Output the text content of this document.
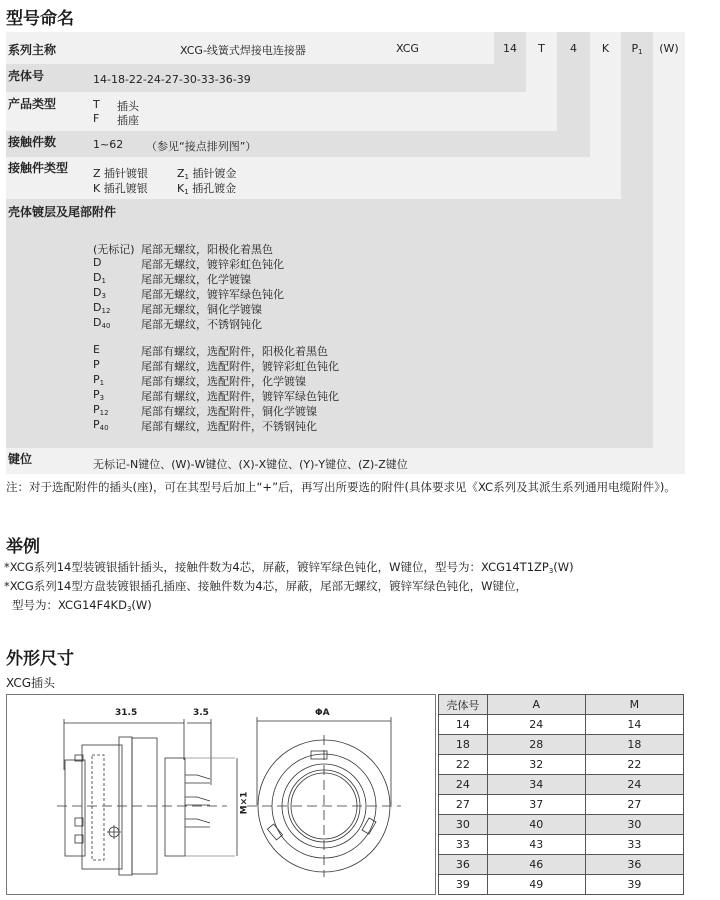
型号命名
系列主称	XCG-线簧式焊接电连接器	XCG	14	T	4	K	$P_1$	(W)
壳体号	14-18-22-24-27-30-33-36-39
产品类型	T 插头
F 插座
接触件数	1~62 （参见“接点排列图”）
接触件类型 Z 插针镀银	$Z_1$ 插针镀金
K 插孔镀银	$K_1$ 插孔镀金
壳体镀层及尾部附件
(无标记) 尾部无螺纹，阳极化着黑色
D	尾部无螺纹，镀锌彩虹色钝化
$D_1$	尾部无螺纹，化学镀镍
$D_3$	尾部无螺纹，镀锌军绿色钝化
$D_{12}$	尾部无螺纹，铜化学镀镍
$D_{40}$	尾部无螺纹，不锈钢钝化
E	尾部有螺纹，选配附件，阳极化着黑色
P	尾部有螺纹，选配附件，镀锌彩虹色钝化
$P_1$	尾部有螺纹，选配附件，化学镀镍
$P_3$	尾部有螺纹，选配附件，镀锌军绿色钝化
$P_{12}$	尾部有螺纹，选配附件，铜化学镀镍
$P_{40}$	尾部有螺纹，选配附件，不锈钢钝化
键位	无标记-N键位、(W)-W键位、(X)-X键位、(Y)-Y键位、(Z)-Z键位
注：对于选配附件的插头(座)，可在其型号后加上“+”后，再写出所要选的附件(具体要求见《XC系列及其派生系列通用电缆附件》)。
举例
*XCG系列14型装镀银插针插头，接触件数为4芯，屏蔽，镀锌军绿色钝化，W键位，型号为：$XCG14T1ZP_3(W)$
*XCG系列14型方盘装镀银插孔插座、接触件数为4芯，屏蔽，尾部无螺纹，镀锌军绿色钝化，W键位，
型号为：$XCG14F4KD_3(W)$
外形尺寸
XCG插头
31.5	3.5	ΦA
M×1
壳体号	A	M
14	24	14
18	28	18
22	32	22
24	34	24
27	37	27
30	40	30
33	43	33
36	46	36
39	49	39
